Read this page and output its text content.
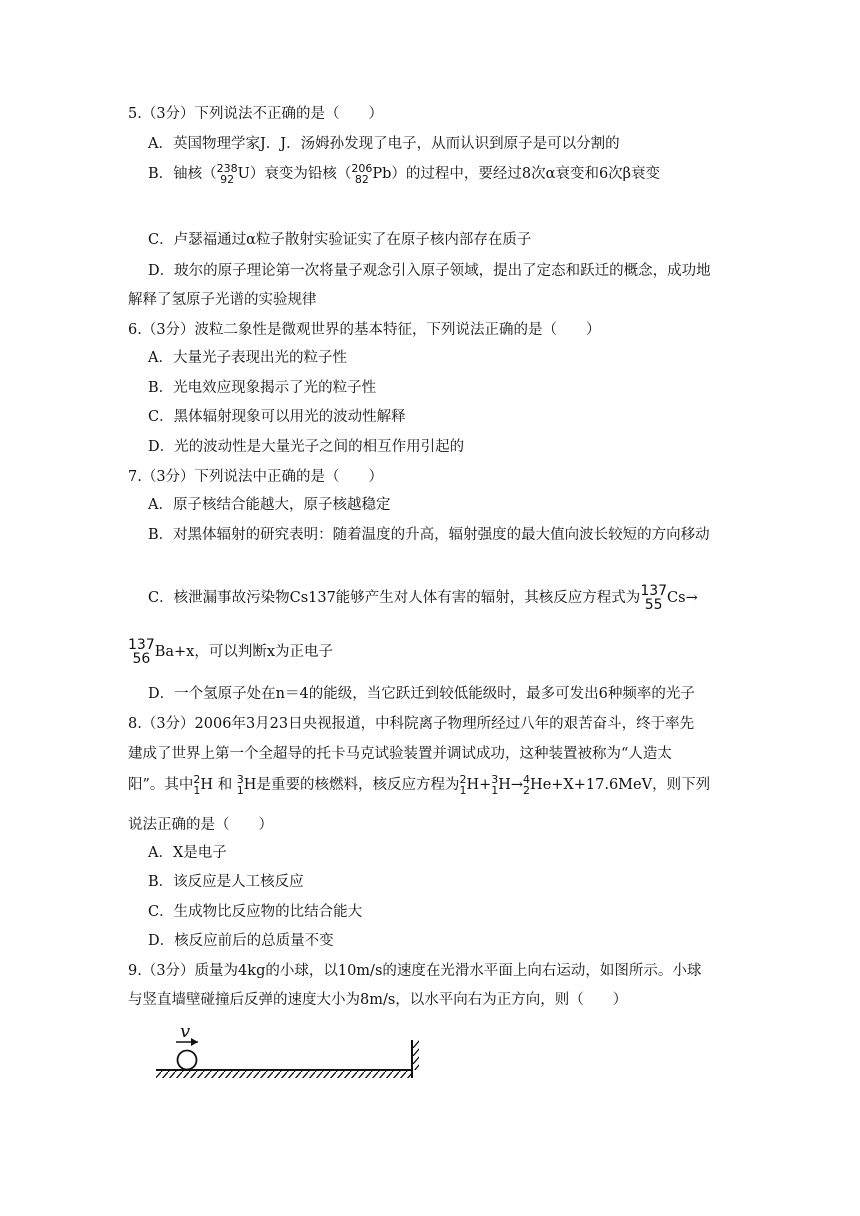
5.（3分）下列说法不正确的是（　　）
A．英国物理学家J．J．汤姆孙发现了电子，从而认识到原子是可以分割的
B．铀核（ 238
92 U）衰变为铅核（ 206
82 Pb）的过程中，要经过8次α衰变和6次β衰变
C．卢瑟福通过α粒子散射实验证实了在原子核内部存在质子
D．玻尔的原子理论第一次将量子观念引入原子领域，提出了定态和跃迁的概念，成功地
解释了氢原子光谱的实验规律
6.（3分）波粒二象性是微观世界的基本特征，下列说法正确的是（　　）
A．大量光子表现出光的粒子性
B．光电效应现象揭示了光的粒子性
C．黑体辐射现象可以用光的波动性解释
D．光的波动性是大量光子之间的相互作用引起的
7.（3分）下列说法中正确的是（　　）
A．原子核结合能越大，原子核越稳定
B．对黑体辐射的研究表明：随着温度的升高，辐射强度的最大值向波长较短的方向移动
C．核泄漏事故污染物Cs137能够产生对人体有害的辐射，其核反应方程式为 137
55 Cs→
137
56 Ba+x，可以判断x为正电子
D．一个氢原子处在n＝4的能级，当它跃迁到较低能级时，最多可发出6种频率的光子
8.（3分）2006年3月23日央视报道，中科院离子物理所经过八年的艰苦奋斗，终于率先
建成了世界上第一个全超导的托卡马克试验装置并调试成功，这种装置被称为“人造太
阳”。其中 2
1 H 和 3
1 H是重要的核燃料，核反应方程为 2
1 H+ 3
1 H→ 4
2 He+X+17.6MeV，则下列
说法正确的是（　　）
A．X是电子
B．该反应是人工核反应
C．生成物比反应物的比结合能大
D．核反应前后的总质量不变
9.（3分）质量为4kg的小球，以10m/s的速度在光滑水平面上向右运动，如图所示。小球
与竖直墙壁碰撞后反弹的速度大小为8m/s，以水平向右为正方向，则（　　）
v
